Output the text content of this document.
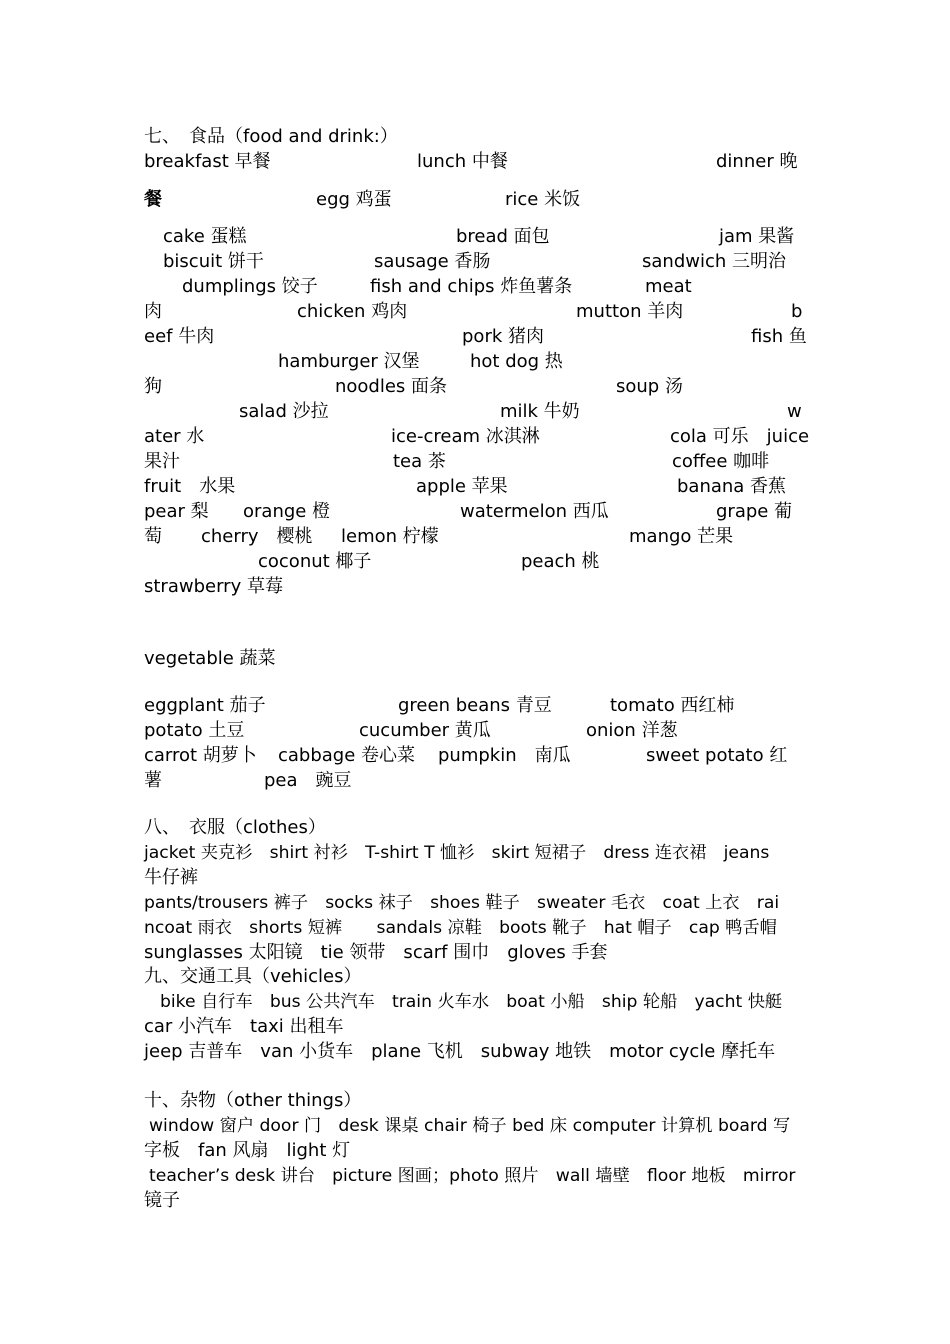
七、　食品（food and drink:）
breakfast 早餐	lunch 中餐	dinner 晚
餐	egg 鸡蛋	rice 米饭
cake 蛋糕	bread 面包	jam 果酱
biscuit 饼干	sausage 香肠	sandwich 三明治
dumplings 饺子	fish and chips 炸鱼薯条	meat
肉	chicken 鸡肉	mutton 羊肉	b
eef 牛肉	pork 猪肉	fish 鱼
hamburger 汉堡	hot dog 热
狗	noodles 面条	soup 汤
salad 沙拉	milk 牛奶	w
ater 水	ice-cream 冰淇淋	cola 可乐　juice
果汁	tea 茶	coffee 咖啡
fruit　水果	apple 苹果	banana 香蕉
pear 梨 orange 橙	watermelon 西瓜	grape 葡
萄 cherry　樱桃 lemon 柠檬	mango 芒果
coconut 椰子	peach 桃
strawberry 草莓
vegetable 蔬菜
eggplant 茄子	green beans 青豆	tomato 西红柿
potato 土豆	cucumber 黄瓜	onion 洋葱
carrot 胡萝卜 cabbage 卷心菜 pumpkin　南瓜	sweet potato 红
薯	pea　豌豆
八、　衣服（clothes）
jacket 夹克衫　shirt 衬衫　T-shirt T 恤衫　skirt 短裙子　dress 连衣裙　jeans
牛仔裤
pants/trousers 裤子　socks 袜子　shoes 鞋子　sweater 毛衣　coat 上衣　rai
ncoat 雨衣　shorts 短裤　　sandals 凉鞋　boots 靴子　hat 帽子　cap 鸭舌帽
sunglasses 太阳镜　tie 领带　scarf 围巾　gloves 手套
九、交通工具（vehicles）
bike 自行车　bus 公共汽车　train 火车水　boat 小船　ship 轮船　yacht 快艇
car 小汽车　taxi 出租车
jeep 吉普车　van 小货车　plane 飞机　subway 地铁　motor cycle 摩托车
十、杂物（other things）
window 窗户 door 门　desk 课桌 chair 椅子 bed 床 computer 计算机 board 写
字板　fan 风扇　light 灯
teacher’s desk 讲台　picture 图画；photo 照片　wall 墙壁　floor 地板　mirror
镜子
